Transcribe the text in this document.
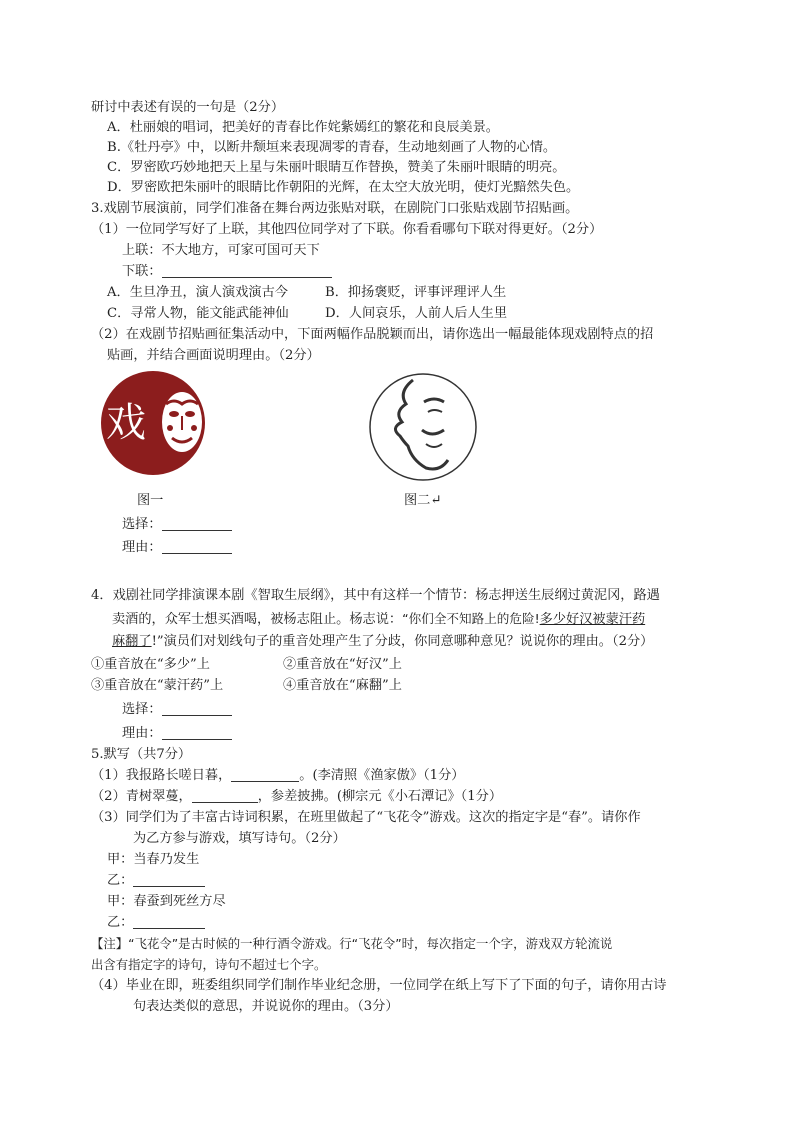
研讨中表述有误的一句是（2分）
A．杜丽娘的唱词，把美好的青春比作姹紫嫣红的繁花和良辰美景。
B.《牡丹亭》中，以断井颓垣来表现凋零的青春，生动地刻画了人物的心情。
C．罗密欧巧妙地把天上星与朱丽叶眼睛互作替换，赞美了朱丽叶眼睛的明亮。
D．罗密欧把朱丽叶的眼睛比作朝阳的光辉，在太空大放光明，使灯光黯然失色。
3.戏剧节展演前，同学们准备在舞台两边张贴对联，在剧院门口张贴戏剧节招贴画。
（1）一位同学写好了上联，其他四位同学对了下联。你看看哪句下联对得更好。（2分）
上联：不大地方，可家可国可天下
下联：
A．生旦净丑，演人演戏演古今	B．抑扬褒贬，评事评理评人生
C．寻常人物，能文能武能神仙	D．人间哀乐，人前人后人生里
（2）在戏剧节招贴画征集活动中，下面两幅作品脱颖而出，请你选出一幅最能体现戏剧特点的招
贴画，并结合画面说明理由。（2分）
戏
图一	图二↵
选择：
理由：
4．戏剧社同学排演课本剧《智取生辰纲》，其中有这样一个情节：杨志押送生辰纲过黄泥冈，路遇
卖酒的，众军士想买酒喝，被杨志阻止。杨志说：“你们全不知路上的危险!多少好汉被蒙汗药
麻翻了!”演员们对划线句子的重音处理产生了分歧，你同意哪种意见？说说你的理由。（2分）
①重音放在“多少”上	②重音放在“好汉”上
③重音放在“蒙汗药”上	④重音放在“麻翻”上
选择：
理由：
5.默写（共7分）
（1）我报路长嗟日暮，	。(李清照《渔家傲》（1分）
（2）青树翠蔓，	，参差披拂。(柳宗元《小石潭记》（1分）
（3）同学们为了丰富古诗词积累，在班里做起了“飞花令”游戏。这次的指定字是“春”。请你作
为乙方参与游戏，填写诗句。（2分）
甲：当春乃发生
乙：
甲：春蚕到死丝方尽
乙：
【注】“飞花令”是古时候的一种行酒令游戏。行“飞花令”时，每次指定一个字，游戏双方轮流说
出含有指定字的诗句，诗句不超过七个字。
（4）毕业在即，班委组织同学们制作毕业纪念册，一位同学在纸上写下了下面的句子，请你用古诗
句表达类似的意思，并说说你的理由。（3分）
